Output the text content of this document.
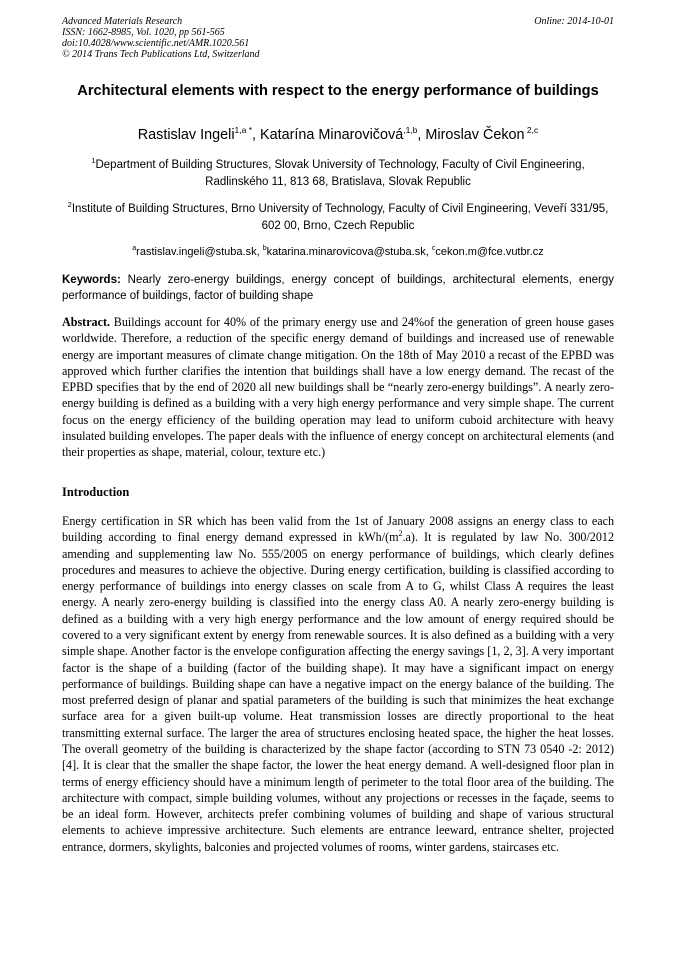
Advanced Materials Research
ISSN: 1662-8985, Vol. 1020, pp 561-565
doi:10.4028/www.scientific.net/AMR.1020.561
© 2014 Trans Tech Publications Ltd, Switzerland
Online: 2014-10-01
Architectural elements with respect to the energy performance of buildings
Rastislav Ingeli$^{1,a *}$, Katarína Minarovičová$^{,1,b}$, Miroslav Čekon $^{2,c}$
$^1$Department of Building Structures, Slovak University of Technology, Faculty of Civil Engineering, Radlinského 11, 813 68, Bratislava, Slovak Republic
$^2$Institute of Building Structures, Brno University of Technology, Faculty of Civil Engineering, Veveří 331/95, 602 00, Brno, Czech Republic
$^a$rastislav.ingeli@stuba.sk, $^b$katarina.minarovicova@stuba.sk, $^c$cekon.m@fce.vutbr.cz
Keywords: Nearly zero-energy buildings, energy concept of buildings, architectural elements, energy performance of buildings, factor of building shape
Abstract. Buildings account for 40% of the primary energy use and 24%of the generation of green house gases worldwide. Therefore, a reduction of the specific energy demand of buildings and increased use of renewable energy are important measures of climate change mitigation. On the 18th of May 2010 a recast of the EPBD was approved which further clarifies the intention that buildings shall have a low energy demand. The recast of the EPBD specifies that by the end of 2020 all new buildings shall be “nearly zero-energy buildings”. A nearly zero-energy building is defined as a building with a very high energy performance and very simple shape. The current focus on the energy efficiency of the building operation may lead to uniform cuboid architecture with heavy insulated building envelopes. The paper deals with the influence of energy concept on architectural elements (and their properties as shape, material, colour, texture etc.)
Introduction
Energy certification in SR which has been valid from the 1st of January 2008 assigns an energy class to each building according to final energy demand expressed in kWh/$(m^2.a)$. It is regulated by law No. 300/2012 amending and supplementing law No. 555/2005 on energy performance of buildings, which clearly defines procedures and measures to achieve the objective. During energy certification, building is classified according to energy performance of buildings into energy classes on scale from A to G, whilst Class A requires the least energy. A nearly zero-energy building is classified into the energy class A0. A nearly zero-energy building is defined as a building with a very high energy performance and the low amount of energy required should be covered to a very significant extent by energy from renewable sources. It is also defined as a building with a very simple shape. Another factor is the envelope configuration affecting the energy savings [1, 2, 3]. A very important factor is the shape of a building (factor of the building shape). It may have a significant impact on energy performance of buildings. Building shape can have a negative impact on the energy balance of the building. The most preferred design of planar and spatial parameters of the building is such that minimizes the heat exchange surface area for a given built-up volume. Heat transmission losses are directly proportional to the heat transmitting external surface. The larger the area of structures enclosing heated space, the higher the heat losses. The overall geometry of the building is characterized by the shape factor (according to STN 73 0540 -2: 2012) [4]. It is clear that the smaller the shape factor, the lower the heat energy demand. A well-designed floor plan in terms of energy efficiency should have a minimum length of perimeter to the total floor area of the building. The architecture with compact, simple building volumes, without any projections or recesses in the façade, seems to be an ideal form. However, architects prefer combining volumes of building and shape of various structural elements to achieve impressive architecture. Such elements are entrance leeward, entrance shelter, projected entrance, dormers, skylights, balconies and projected volumes of rooms, winter gardens, staircases etc.
